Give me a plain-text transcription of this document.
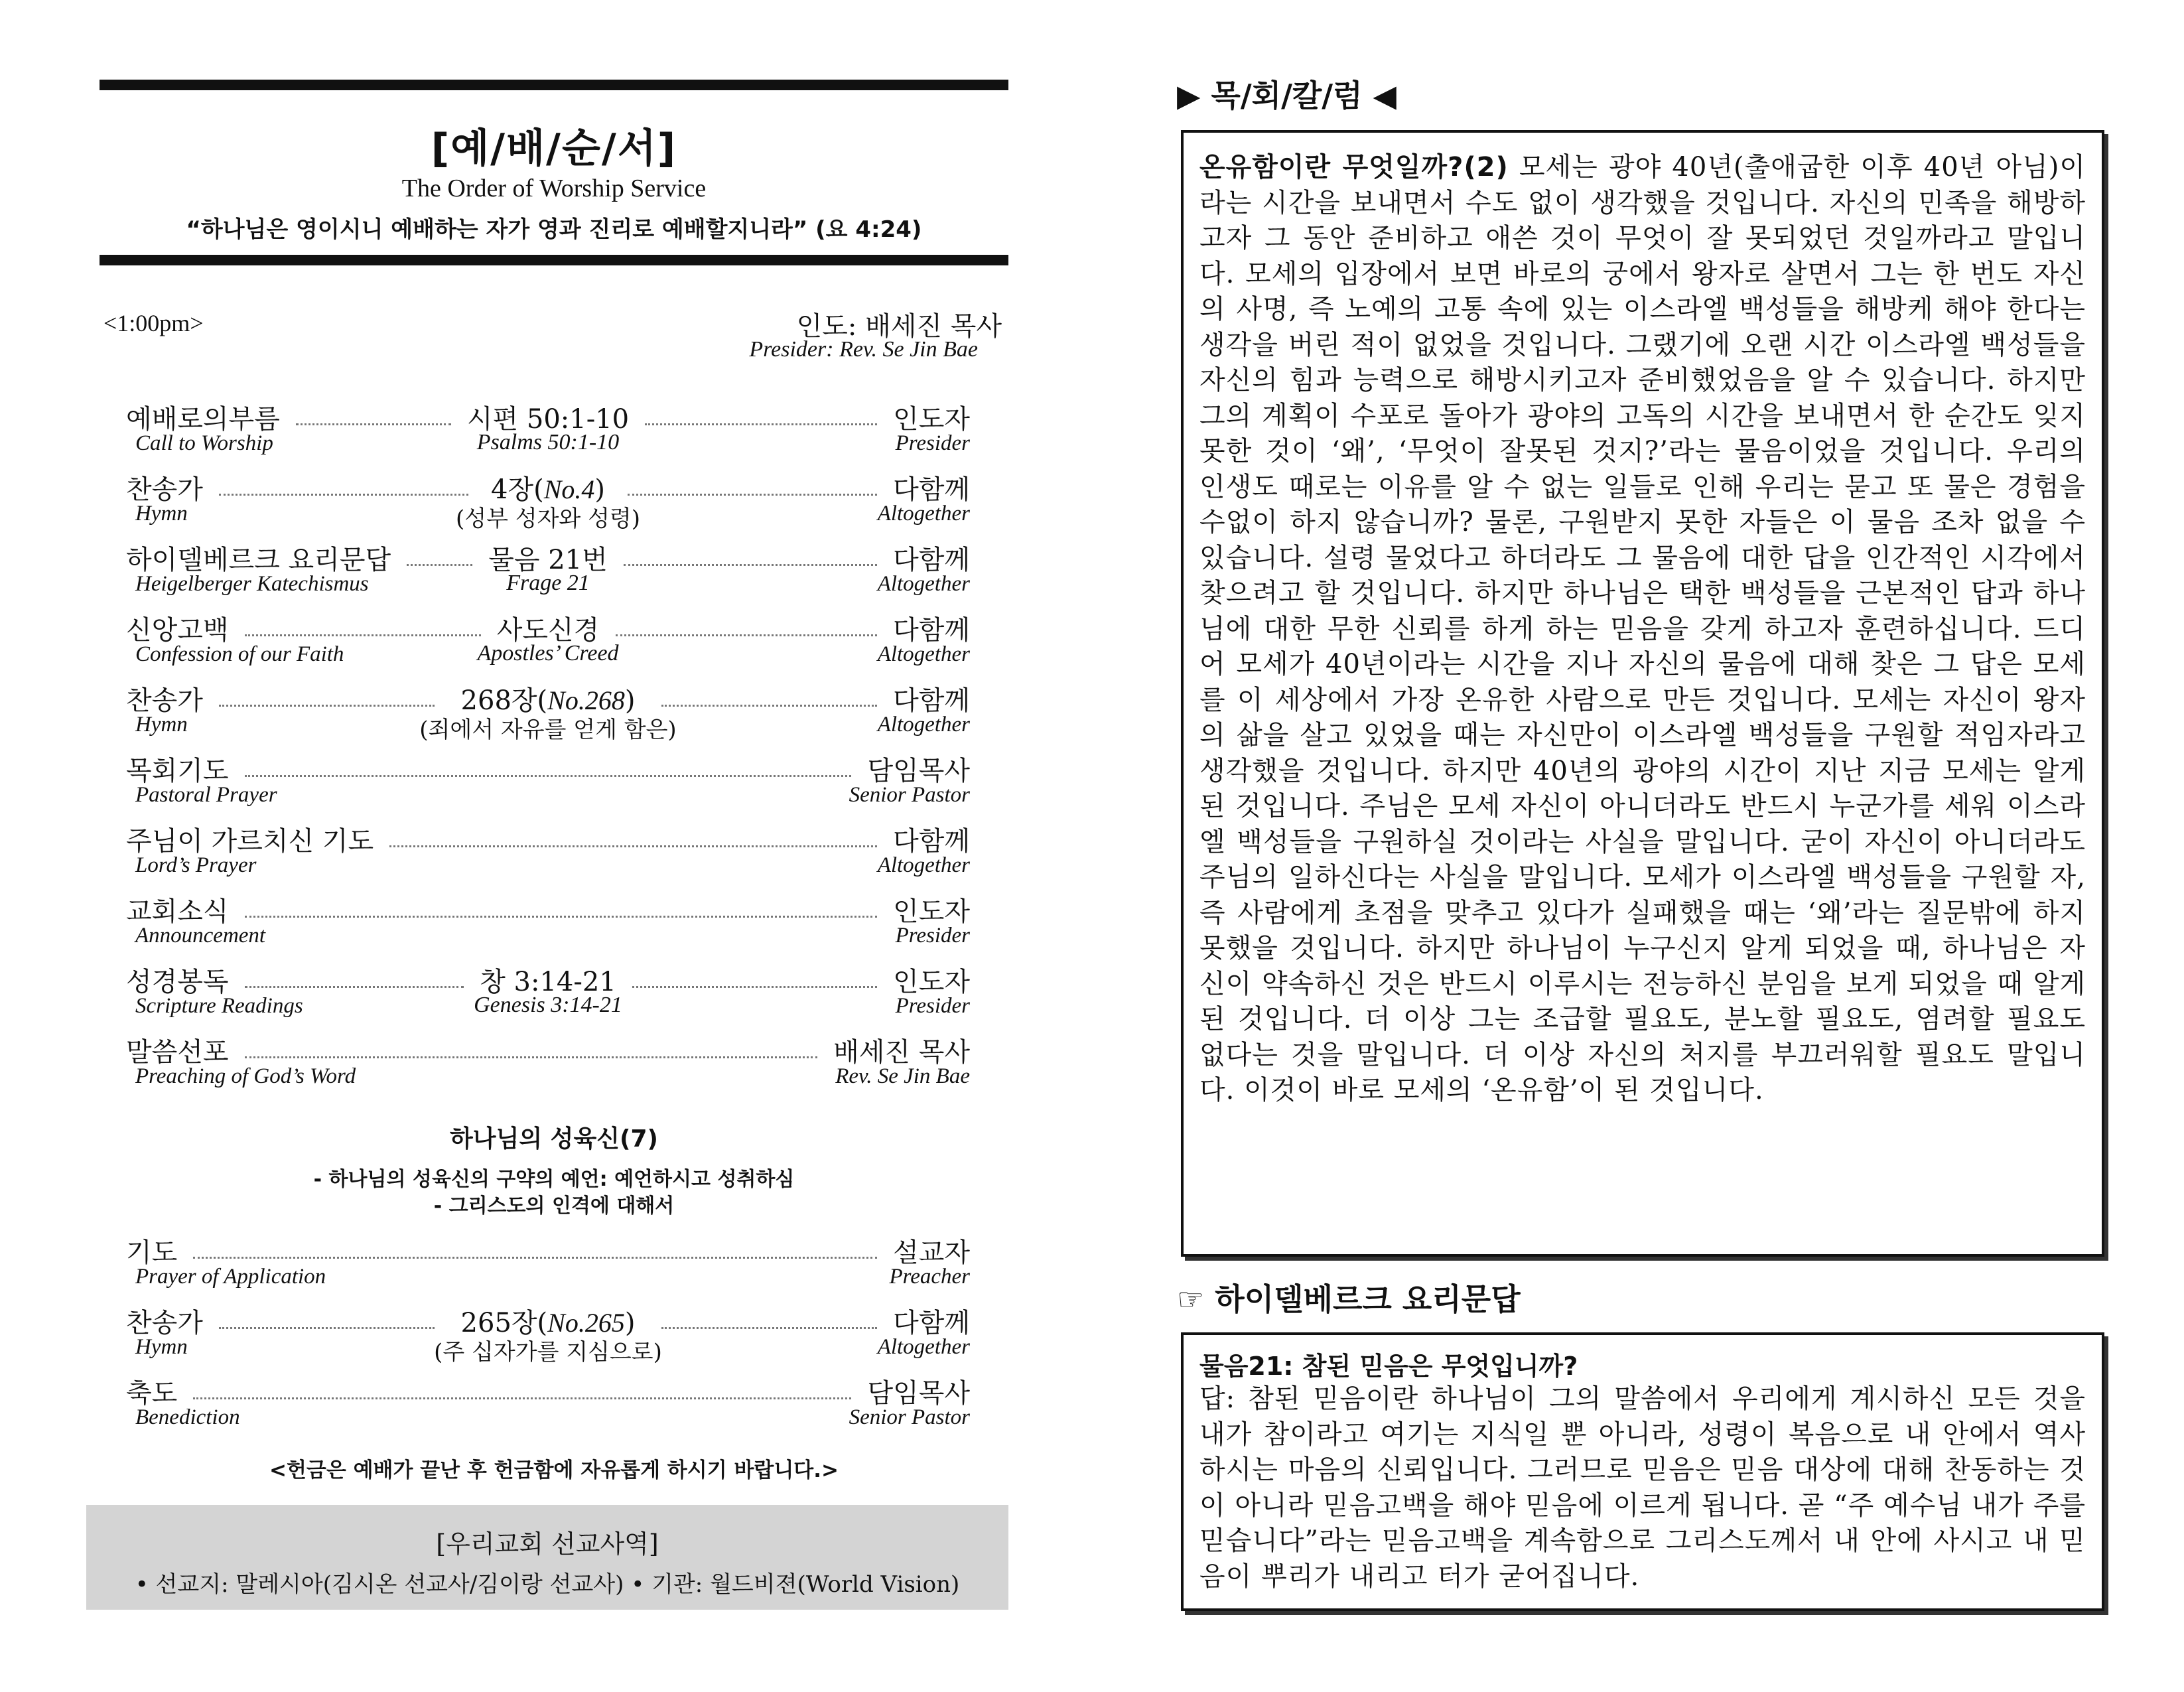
[예/배/순/서]
The Order of Worship Service
“하나님은 영이시니 예배하는 자가 영과 진리로 예배할지니라” (요 4:24)
<1:00pm>	인도: 배세진 목사
Presider: Rev. Se Jin Bae
예배로의부름
Call to Worship
시편 50:1-10
Psalms 50:1-10
인도자
Presider
찬송가
Hymn
4장(No.4)
(성부 성자와 성령)
다함께
Altogether
하이델베르크 요리문답
Heigelberger Katechismus
물음 21번
Frage 21
다함께
Altogether
신앙고백
Confession of our Faith
사도신경
Apostles’ Creed
다함께
Altogether
찬송가
Hymn
268장(No.268)
(죄에서 자유를 얻게 함은)
다함께
Altogether
목회기도
Pastoral Prayer
담임목사
Senior Pastor
주님이 가르치신 기도
Lord’s Prayer
다함께
Altogether
교회소식
Announcement
인도자
Presider
성경봉독
Scripture Readings
창 3:14-21
Genesis 3:14-21
인도자
Presider
말씀선포
Preaching of God’s Word
배세진 목사
Rev. Se Jin Bae
하나님의 성육신(7)
- 하나님의 성육신의 구약의 예언: 예언하시고 성취하심
- 그리스도의 인격에 대해서
기도
Prayer of Application
설교자
Preacher
찬송가
Hymn
265장(No.265)
(주 십자가를 지심으로)
다함께
Altogether
축도
Benediction
담임목사
Senior Pastor
<헌금은 예배가 끝난 후 헌금함에 자유롭게 하시기 바랍니다.>
[우리교회 선교사역]
• 선교지: 말레시아(김시온 선교사/김이랑 선교사) • 기관: 월드비젼(World Vision)
▶ 목/회/칼/럼 ◀
온유함이란 무엇일까?(2) 모세는 광야 40년(출애굽한 이후 40년 아님)이라는 시간을 보내면서 수도 없이 생각했을 것입니다. 자신의 민족을 해방하고자 그 동안 준비하고 애쓴 것이 무엇이 잘 못되었던 것일까라고 말입니다. 모세의 입장에서 보면 바로의 궁에서 왕자로 살면서 그는 한 번도 자신의 사명, 즉 노예의 고통 속에 있는 이스라엘 백성들을 해방케 해야 한다는 생각을 버린 적이 없었을 것입니다. 그랬기에 오랜 시간 이스라엘 백성들을 자신의 힘과 능력으로 해방시키고자 준비했었음을 알 수 있습니다. 하지만 그의 계획이 수포로 돌아가 광야의 고독의 시간을 보내면서 한 순간도 잊지 못한 것이 ‘왜’, ‘무엇이 잘못된 것지?’라는 물음이었을 것입니다. 우리의 인생도 때로는 이유를 알 수 없는 일들로 인해 우리는 묻고 또 물은 경험을 수없이 하지 않습니까? 물론, 구원받지 못한 자들은 이 물음 조차 없을 수 있습니다. 설령 물었다고 하더라도 그 물음에 대한 답을 인간적인 시각에서 찾으려고 할 것입니다. 하지만 하나님은 택한 백성들을 근본적인 답과 하나님에 대한 무한 신뢰를 하게 하는 믿음을 갖게 하고자 훈련하십니다. 드디어 모세가 40년이라는 시간을 지나 자신의 물음에 대해 찾은 그 답은 모세를 이 세상에서 가장 온유한 사람으로 만든 것입니다. 모세는 자신이 왕자의 삶을 살고 있었을 때는 자신만이 이스라엘 백성들을 구원할 적임자라고 생각했을 것입니다. 하지만 40년의 광야의 시간이 지난 지금 모세는 알게 된 것입니다. 주님은 모세 자신이 아니더라도 반드시 누군가를 세워 이스라엘 백성들을 구원하실 것이라는 사실을 말입니다. 굳이 자신이 아니더라도 주님의 일하신다는 사실을 말입니다. 모세가 이스라엘 백성들을 구원할 자, 즉 사람에게 초점을 맞추고 있다가 실패했을 때는 ‘왜’라는 질문밖에 하지 못했을 것입니다. 하지만 하나님이 누구신지 알게 되었을 때, 하나님은 자신이 약속하신 것은 반드시 이루시는 전능하신 분임을 보게 되었을 때 알게 된 것입니다. 더 이상 그는 조급할 필요도, 분노할 필요도, 염려할 필요도 없다는 것을 말입니다. 더 이상 자신의 처지를 부끄러워할 필요도 말입니다. 이것이 바로 모세의 ‘온유함’이 된 것입니다.
☞ 하이델베르크 요리문답
물음21: 참된 믿음은 무엇입니까?
답: 참된 믿음이란 하나님이 그의 말씀에서 우리에게 계시하신 모든 것을 내가 참이라고 여기는 지식일 뿐 아니라, 성령이 복음으로 내 안에서 역사하시는 마음의 신뢰입니다. 그러므로 믿음은 믿음 대상에 대해 찬동하는 것이 아니라 믿음고백을 해야 믿음에 이르게 됩니다. 곧 “주 예수님 내가 주를 믿습니다”라는 믿음고백을 계속함으로 그리스도께서 내 안에 사시고 내 믿음이 뿌리가 내리고 터가 굳어집니다.
